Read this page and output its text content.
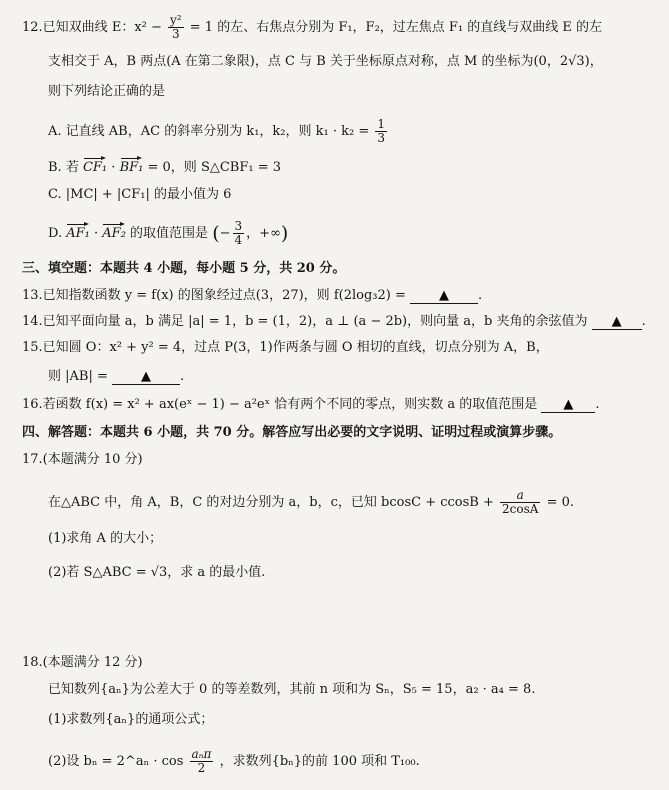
12.已知双曲线 E：$x^2 - \frac{\text{y²}}{3} = 1$ 的左、右焦点分别为 F₁，F₂，过左焦点 F₁ 的直线与双曲线 E 的左
支相交于 A，B 两点(A 在第二象限)，点 C 与 B 关于坐标原点对称，点 M 的坐标为(0，2√3)，
则下列结论正确的是
A. 记直线 AB，AC 的斜率分别为 k₁，k₂，则 $k_1 \cdot k_2 = \frac{1}{3}$
B. 若 CF₁ · BF₁ = 0，则 S△CBF₁ = 3
C. |MC| + |CF₁| 的最小值为 6
D. AF₁ · AF₂ 的取值范围是 (− $\frac{3}{4}$ ，+∞)
三、填空题：本题共 4 小题，每小题 5 分，共 20 分。
13.已知指数函数 y = f(x) 的图象经过点(3，27)，则 f(2log₃2) =	▲ .
14.已知平面向量 a，b 满足 |a| = 1，b = (1，2)，a ⊥ (a − 2b)，则向量 a，b 夹角的余弦值为 ▲ .
15.已知圆 O：x² + y² = 4，过点 P(3，1)作两条与圆 O 相切的直线，切点分别为 A，B，
则 |AB| =	▲ .
16.若函数 f(x) = x² + ax(eˣ − 1) − a²eˣ 恰有两个不同的零点，则实数 a 的取值范围是 ▲ .
四、解答题：本题共 6 小题，共 70 分。解答应写出必要的文字说明、证明过程或演算步骤。
17.(本题满分 10 分)
在△ABC 中，角 A，B，C 的对边分别为 a，b，c，已知 $bcosC + ccosB + \frac{a}{2\cos A} = 0$.
(1)求角 A 的大小；
(2)若 S△ABC = √3，求 a 的最小值.
18.(本题满分 12 分)
已知数列{aₙ}为公差大于 0 的等差数列，其前 n 项和为 Sₙ，S₅ = 15，a₂ · a₄ = 8.
(1)求数列{aₙ}的通项公式；
(2)设 bₙ = 2^aₙ · $\cos \frac{\text{aₙπ}}{2}$ ，求数列{bₙ}的前 100 项和 T₁₀₀.
